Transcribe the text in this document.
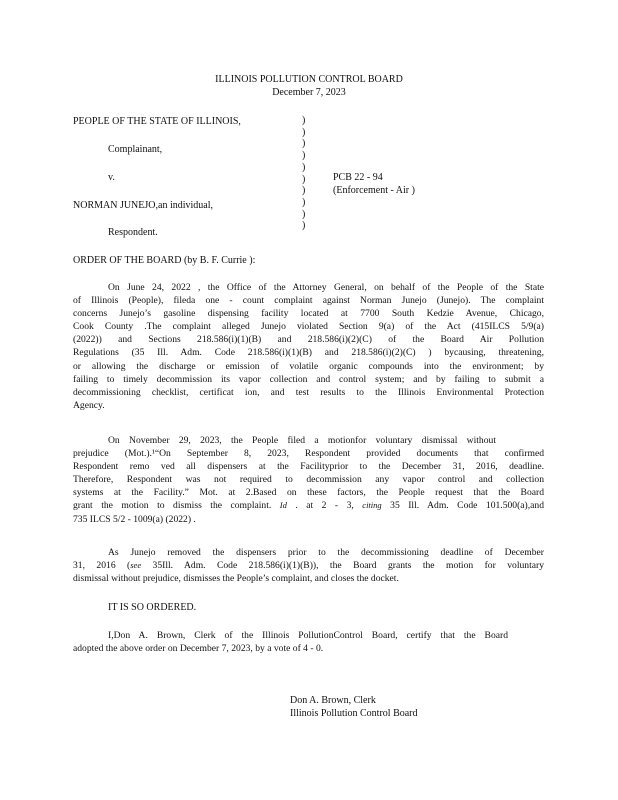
ILLINOIS POLLUTION CONTROL BOARD
December 7, 2023
PEOPLE OF THE STATE OF ILLINOIS,
Complainant,
v.	PCB 22 - 94
(Enforcement - Air )
NORMAN JUNEJO,an individual,
Respondent.
)
)
)
)
)
)
)
)
)
)
ORDER OF THE BOARD (by B. F. Currie ):
On June 24, 2022 , the Office of the Attorney General, on behalf of the People of the State
of Illinois (People), fileda one - count complaint against Norman Junejo (Junejo). The complaint
concerns Junejo’s gasoline dispensing facility located at 7700 South Kedzie Avenue, Chicago,
Cook County .The complaint alleged Junejo violated Section 9(a) of the Act (415ILCS 5/9(a)
(2022)) and Sections 218.586(i)(1)(B) and 218.586(i)(2)(C) of the Board Air Pollution
Regulations (35 Ill. Adm. Code 218.586(i)(1)(B) and 218.586(i)(2)(C) ) bycausing, threatening,
or allowing the discharge or emission of volatile organic compounds into the environment; by
failing to timely decommission its vapor collection and control system; and by failing to submit a
decommissioning checklist, certificat ion, and test results to the Illinois Environmental Protection
Agency.
On November 29, 2023, the People filed a motionfor voluntary dismissal without
prejudice (Mot.).¹“On September 8, 2023, Respondent provided documents that confirmed
Respondent remo ved all dispensers at the Facilityprior to the December 31, 2016, deadline.
Therefore, Respondent was not required to decommission any vapor control and collection
systems at the Facility.” Mot. at 2.Based on these factors, the People request that the Board
grant the motion to dismiss the complaint. Id . at 2 - 3, citing 35 Ill. Adm. Code 101.500(a),and
735 ILCS 5/2 - 1009(a) (2022) .
As Junejo removed the dispensers prior to the decommissioning deadline of December
31, 2016 (see 35Ill. Adm. Code 218.586(i)(1)(B)), the Board grants the motion for voluntary
dismissal without prejudice, dismisses the People’s complaint, and closes the docket.
IT IS SO ORDERED.
I,Don A. Brown, Clerk of the Illinois PollutionControl Board, certify that the Board
adopted the above order on December 7, 2023, by a vote of 4 - 0.
Don A. Brown, Clerk
Illinois Pollution Control Board
